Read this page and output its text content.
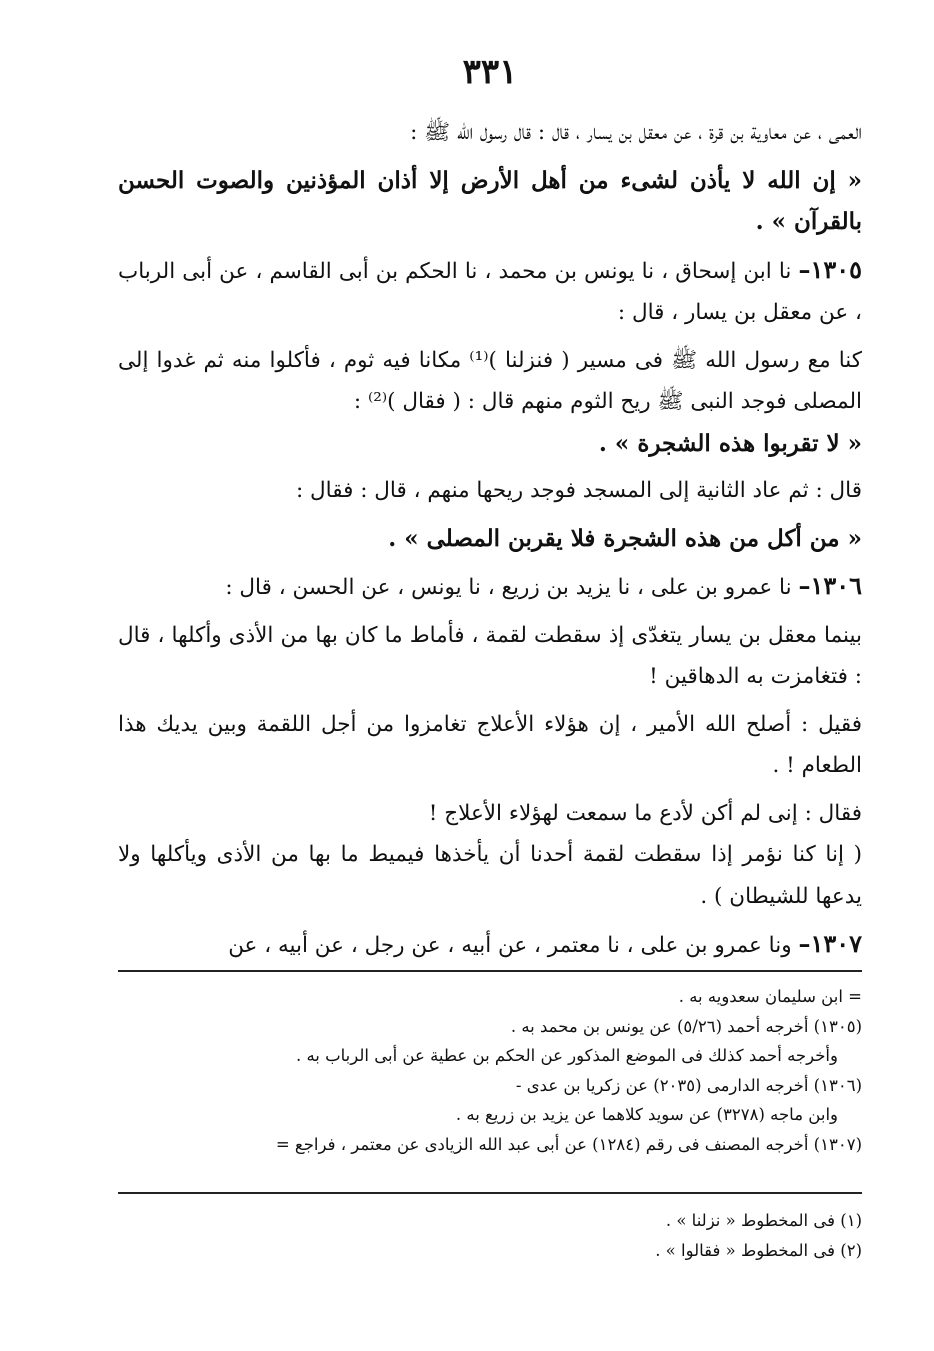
٣٣١

العمى ، عن معاوية بن قرة ، عن معقل بن يسار ، قال : قال رسول الله ﷺ :

« إن الله لا يأذن لشىء من أهل الأرض إلا أذان المؤذنين والصوت الحسن بالقرآن » .

١٣٠٥– نا ابن إسحاق ، نا يونس بن محمد ، نا الحكم بن أبى القاسم ، عن أبى الرباب ، عن معقل بن يسار ، قال :

كنا مع رسول الله ﷺ فى مسير ( فنزلنا )⁽¹⁾ مكانا فيه ثوم ، فأكلوا منه ثم غدوا إلى المصلى فوجد النبى ﷺ ريح الثوم منهم قال : ( فقال )⁽²⁾ :

« لا تقربوا هذه الشجرة » .

قال : ثم عاد الثانية إلى المسجد فوجد ريحها منهم ، قال : فقال :

« من أكل من هذه الشجرة فلا يقربن المصلى » .

١٣٠٦– نا عمرو بن على ، نا يزيد بن زريع ، نا يونس ، عن الحسن ، قال :

بينما معقل بن يسار يتغدّى إذ سقطت لقمة ، فأماط ما كان بها من الأذى وأكلها ، قال : فتغامزت به الدهاقين !

فقيل : أصلح الله الأمير ، إن هؤلاء الأعلاج تغامزوا من أجل اللقمة وبين يديك هذا الطعام ! .

فقال : إنى لم أكن لأدع ما سمعت لهؤلاء الأعلاج !

( إنا كنا نؤمر إذا سقطت لقمة أحدنا أن يأخذها فيميط ما بها من الأذى ويأكلها ولا يدعها للشيطان ) .

١٣٠٧– ونا عمرو بن على ، نا معتمر ، عن أبيه ، عن رجل ، عن أبيه ، عن

= ابن سليمان سعدويه به .

(١٣٠٥) أخرجه أحمد (٥/٢٦) عن يونس بن محمد به .

وأخرجه أحمد كذلك فى الموضع المذكور عن الحكم بن عطية عن أبى الرباب به .

(١٣٠٦) أخرجه الدارمى (٢٠٣٥) عن زكريا بن عدى -

وابن ماجه (٣٢٧٨) عن سويد كلاهما عن يزيد بن زريع به .

(١٣٠٧) أخرجه المصنف فى رقم (١٢٨٤) عن أبى عبد الله الزيادى عن معتمر ، فراجع =

(١) فى المخطوط « نزلنا » .

(٢) فى المخطوط « فقالوا » .
